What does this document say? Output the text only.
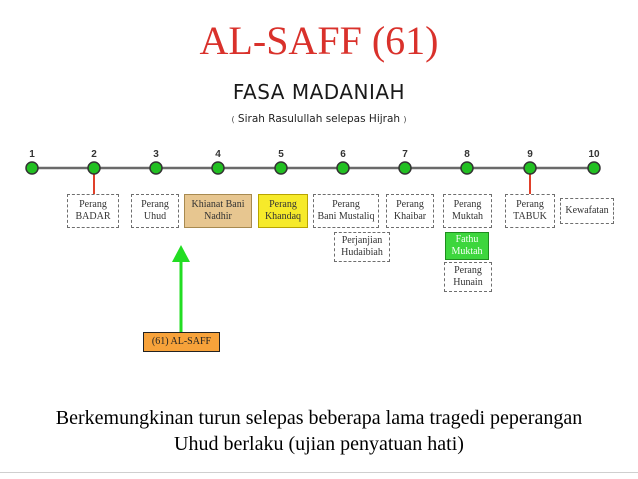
AL-SAFF (61)
FASA MADANIAH
( Sirah Rasulullah selepas Hijrah )
1	2	3	4	5	6	7	8	9	10
Perang
BADAR
Perang
Uhud
Khianat Bani
Nadhir
Perang
Khandaq
Perang
Bani Mustaliq
Perang
Khaibar
Perang
Muktah
Perang
TABUK
Kewafatan
Perjanjian
Hudaibiah
Fathu
Muktah
Perang
Hunain
(61) AL-SAFF
Berkemungkinan turun selepas beberapa lama tragedi peperangan
Uhud berlaku (ujian penyatuan hati)
